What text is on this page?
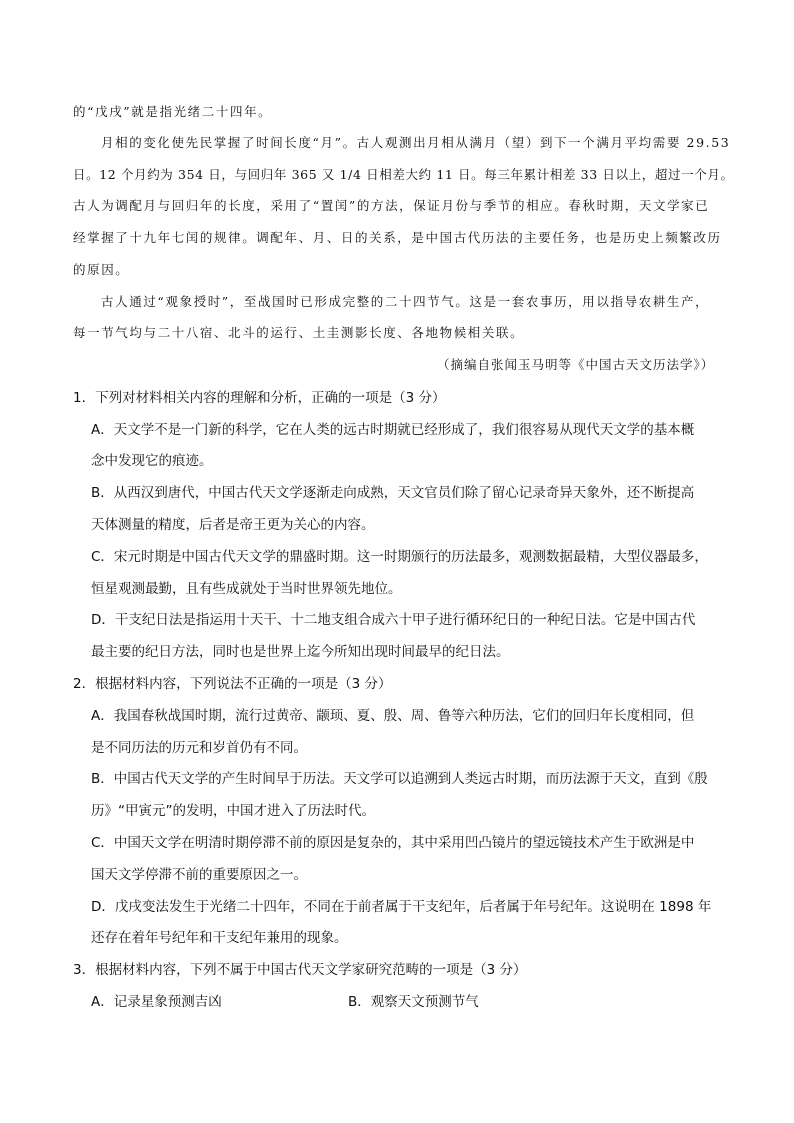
的“戊戌”就是指光绪二十四年。
月相的变化使先民掌握了时间长度“月”。古人观测出月相从满月（望）到下一个满月平均需要 29.53
日。12 个月约为 354 日，与回归年 365 又 1/4 日相差大约 11 日。每三年累计相差 33 日以上，超过一个月。
古人为调配月与回归年的长度，采用了“置闰”的方法，保证月份与季节的相应。春秋时期，天文学家已
经掌握了十九年七闰的规律。调配年、月、日的关系，是中国古代历法的主要任务，也是历史上频繁改历
的原因。
古人通过“观象授时”，至战国时已形成完整的二十四节气。这是一套农事历，用以指导农耕生产，
每一节气均与二十八宿、北斗的运行、土圭测影长度、各地物候相关联。
（摘编自张闻玉马明等《中国古天文历法学》）
1．下列对材料相关内容的理解和分析，正确的一项是（3 分）
A．天文学不是一门新的科学，它在人类的远古时期就已经形成了，我们很容易从现代天文学的基本概
念中发现它的痕迹。
B．从西汉到唐代，中国古代天文学逐渐走向成熟，天文官员们除了留心记录奇异天象外，还不断提高
天体测量的精度，后者是帝王更为关心的内容。
C．宋元时期是中国古代天文学的鼎盛时期。这一时期颁行的历法最多，观测数据最精，大型仪器最多，
恒星观测最勤，且有些成就处于当时世界领先地位。
D．干支纪日法是指运用十天干、十二地支组合成六十甲子进行循环纪日的一种纪日法。它是中国古代
最主要的纪日方法，同时也是世界上迄今所知出现时间最早的纪日法。
2．根据材料内容，下列说法不正确的一项是（3 分）
A．我国春秋战国时期，流行过黄帝、颛顼、夏、殷、周、鲁等六种历法，它们的回归年长度相同，但
是不同历法的历元和岁首仍有不同。
B．中国古代天文学的产生时间早于历法。天文学可以追溯到人类远古时期，而历法源于天文，直到《殷
历》“甲寅元”的发明，中国才进入了历法时代。
C．中国天文学在明清时期停滞不前的原因是复杂的，其中采用凹凸镜片的望远镜技术产生于欧洲是中
国天文学停滞不前的重要原因之一。
D．戊戌变法发生于光绪二十四年，不同在于前者属于干支纪年，后者属于年号纪年。这说明在 1898 年
还存在着年号纪年和干支纪年兼用的现象。
3．根据材料内容，下列不属于中国古代天文学家研究范畴的一项是（3 分）
A．记录星象预测吉凶	B．观察天文预测节气
